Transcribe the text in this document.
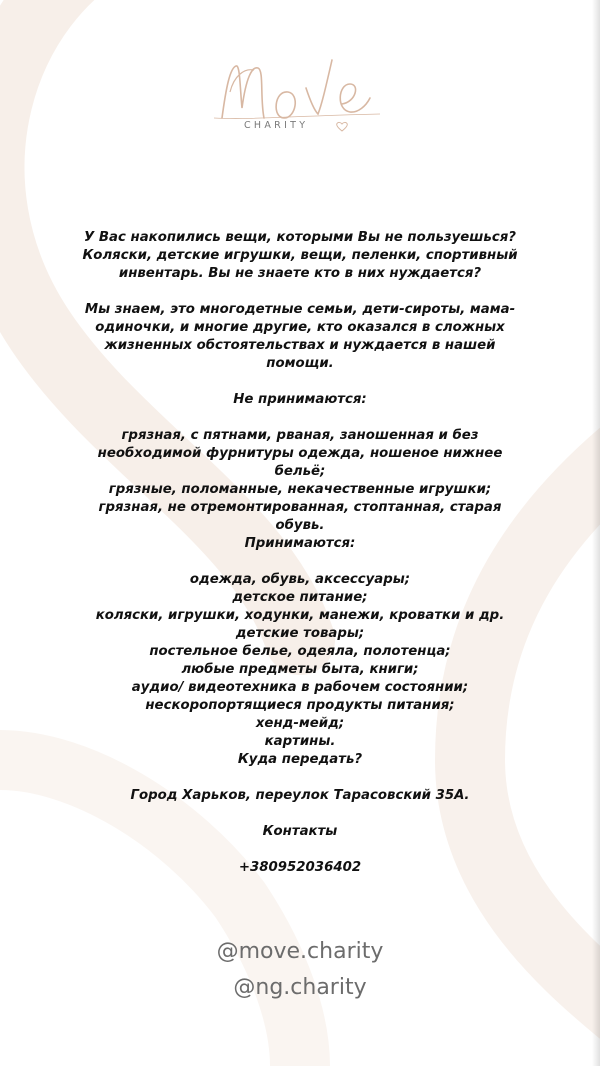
CHARITY

У Вас накопились вещи, которыми Вы не пользуешься?

Коляски, детские игрушки, вещи, пеленки, спортивный

инвентарь. Вы не знаете кто в них нуждается?

Мы знаем, это многодетные семьи, дети-сироты, мама-

одиночки, и многие другие, кто оказался в сложных

жизненных обстоятельствах и нуждается в нашей

помощи.

Не принимаются:

грязная, с пятнами, рваная, заношенная и без

необходимой фурнитуры одежда, ношеное нижнее

бельё;

грязные, поломанные, некачественные игрушки;

грязная, не отремонтированная, стоптанная, старая

обувь.

Принимаются:

одежда, обувь, аксессуары;

детское питание;

коляски, игрушки, ходунки, манежи, кроватки и др.

детские товары;

постельное белье, одеяла, полотенца;

любые предметы быта, книги;

аудио/ видеотехника в рабочем состоянии;

нескоропортящиеся продукты питания;

хенд-мейд;

картины.

Куда передать?

Город Харьков, переулок Тарасовский 35А.

Контакты

+380952036402

@move.charity
@ng.charity
